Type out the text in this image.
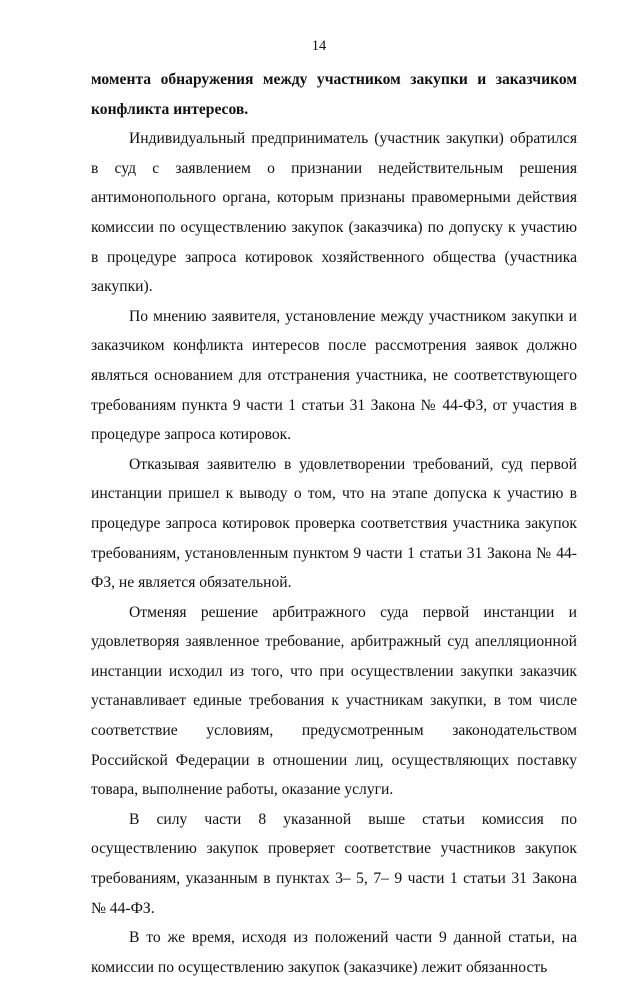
14

момента обнаружения между участником закупки и заказчиком конфликта интересов.

Индивидуальный предприниматель (участник закупки) обратился в суд с заявлением о признании недействительным решения антимонопольного органа, которым признаны правомерными действия комиссии по осуществлению закупок (заказчика) по допуску к участию в процедуре запроса котировок хозяйственного общества (участника закупки).

По мнению заявителя, установление между участником закупки и заказчиком конфликта интересов после рассмотрения заявок должно являться основанием для отстранения участника, не соответствующего требованиям пункта 9 части 1 статьи 31 Закона № 44-ФЗ, от участия в процедуре запроса котировок.

Отказывая заявителю в удовлетворении требований, суд первой инстанции пришел к выводу о том, что на этапе допуска к участию в процедуре запроса котировок проверка соответствия участника закупок требованиям, установленным пунктом 9 части 1 статьи 31 Закона № 44-ФЗ, не является обязательной.

Отменяя решение арбитражного суда первой инстанции и удовлетворяя заявленное требование, арбитражный суд апелляционной инстанции исходил из того, что при осуществлении закупки заказчик устанавливает единые требования к участникам закупки, в том числе соответствие условиям, предусмотренным законодательством Российской Федерации в отношении лиц, осуществляющих поставку товара, выполнение работы, оказание услуги.

В силу части 8 указанной выше статьи комиссия по осуществлению закупок проверяет соответствие участников закупок требованиям, указанным в пунктах 3– 5, 7– 9 части 1 статьи 31 Закона № 44-ФЗ.

В то же время, исходя из положений части 9 данной статьи, на комиссии по осуществлению закупок (заказчике) лежит обязанность
